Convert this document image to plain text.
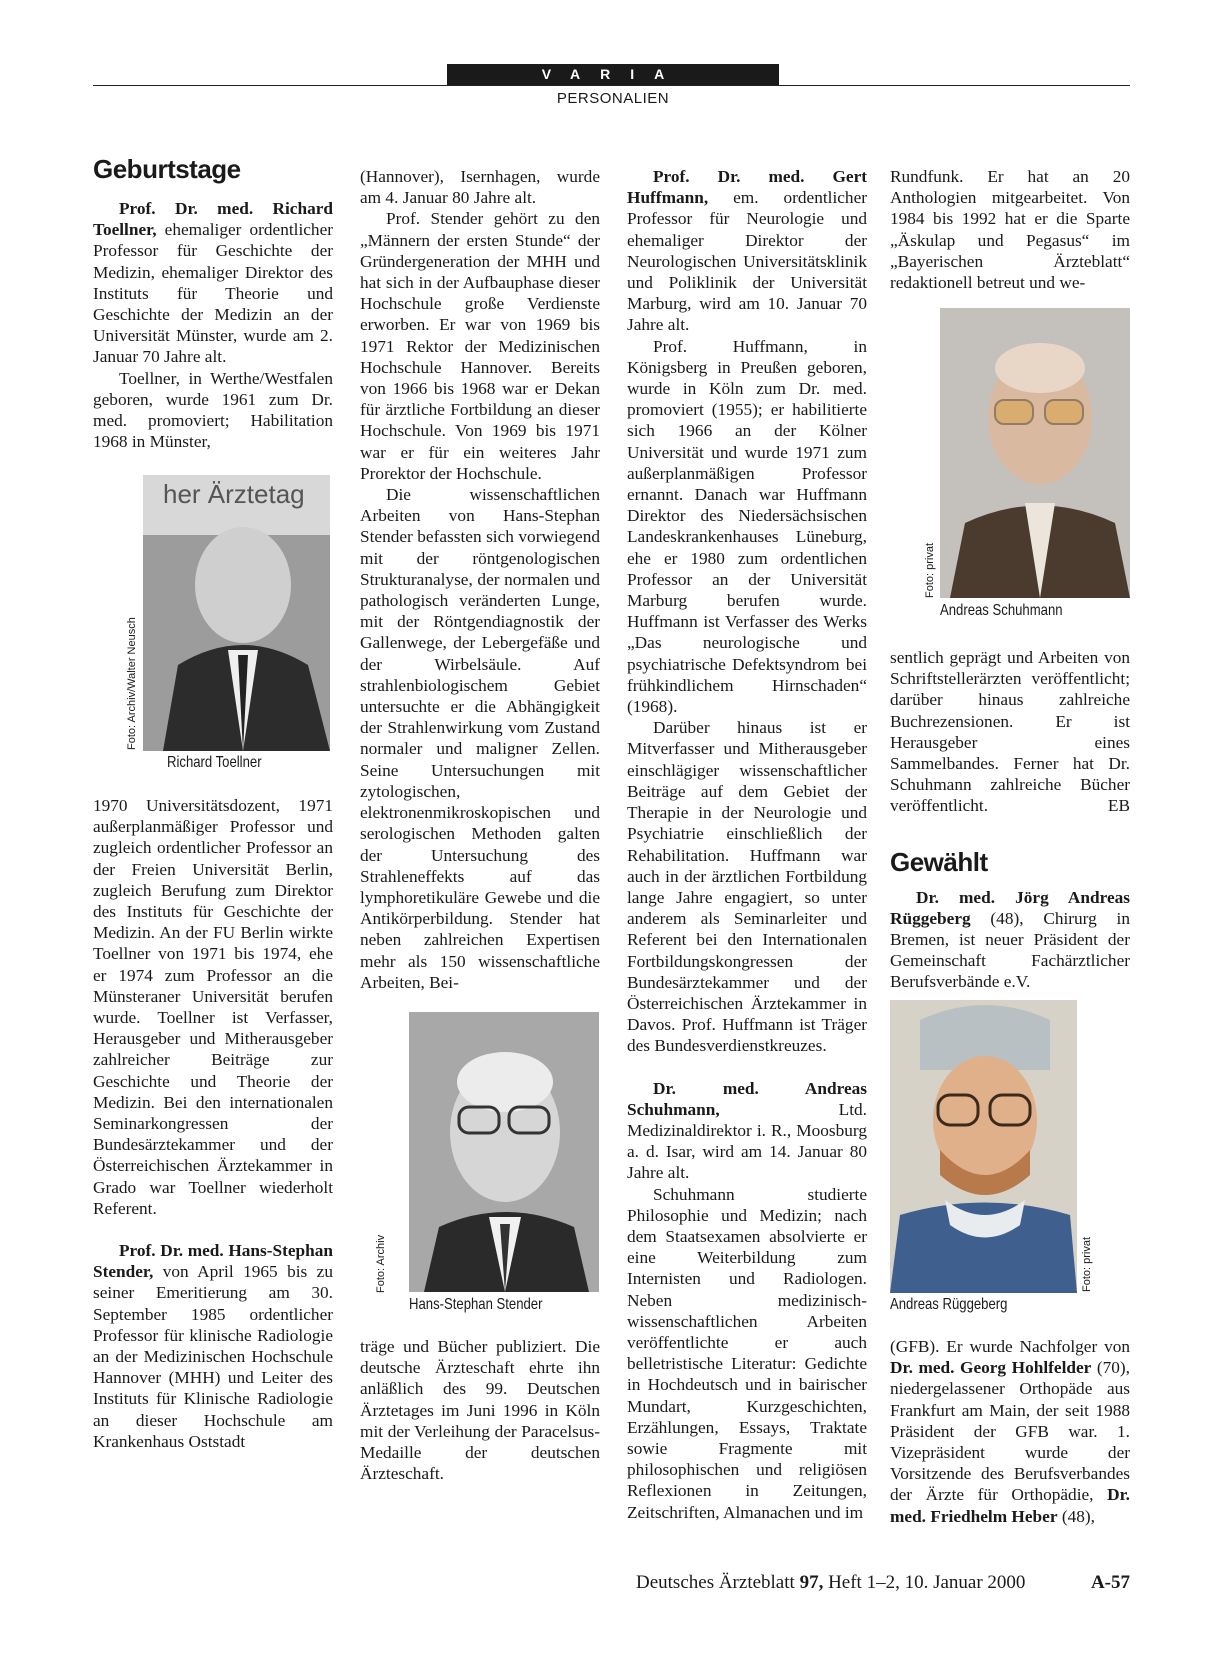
VARIA
PERSONALIEN
Geburtstage

Prof. Dr. med. Richard Toellner, ehemaliger ordentlicher Professor für Geschichte der Medizin, ehemaliger Direktor des Instituts für Theorie und Geschichte der Medizin an der Universität Münster, wurde am 2. Januar 70 Jahre alt.

Toellner, in Werthe/Westfalen geboren, wurde 1961 zum Dr. med. promoviert; Habilitation 1968 in Münster,

her Ärztetag
Foto: Archiv/Walter Neusch
Richard Toellner

1970 Universitätsdozent, 1971 außerplanmäßiger Professor und zugleich ordentlicher Professor an der Freien Universität Berlin, zugleich Berufung zum Direktor des Instituts für Geschichte der Medizin. An der FU Berlin wirkte Toellner von 1971 bis 1974, ehe er 1974 zum Professor an die Münsteraner Universität berufen wurde. Toellner ist Verfasser, Herausgeber und Mitherausgeber zahlreicher Beiträge zur Geschichte und Theorie der Medizin. Bei den internationalen Seminarkongressen der Bundesärztekammer und der Österreichischen Ärztekammer in Grado war Toellner wiederholt Referent.

Prof. Dr. med. Hans-Stephan Stender, von April 1965 bis zu seiner Emeritierung am 30. September 1985 ordentlicher Professor für klinische Radiologie an der Medizinischen Hochschule Hannover (MHH) und Leiter des Instituts für Klinische Radiologie an dieser Hochschule am Krankenhaus Oststadt

(Hannover), Isernhagen, wurde am 4. Januar 80 Jahre alt.

Prof. Stender gehört zu den „Männern der ersten Stunde“ der Gründergeneration der MHH und hat sich in der Aufbauphase dieser Hochschule große Verdienste erworben. Er war von 1969 bis 1971 Rektor der Medizinischen Hochschule Hannover. Bereits von 1966 bis 1968 war er Dekan für ärztliche Fortbildung an dieser Hochschule. Von 1969 bis 1971 war er für ein weiteres Jahr Prorektor der Hochschule.

Die wissenschaftlichen Arbeiten von Hans-Stephan Stender befassten sich vorwiegend mit der röntgenologischen Strukturanalyse, der normalen und pathologisch veränderten Lunge, mit der Röntgendiagnostik der Gallenwege, der Lebergefäße und der Wirbelsäule. Auf strahlenbiologischem Gebiet untersuchte er die Abhängigkeit der Strahlenwirkung vom Zustand normaler und maligner Zellen. Seine Untersuchungen mit zytologischen, elektronenmikroskopischen und serologischen Methoden galten der Untersuchung des Strahleneffekts auf das lymphoretikuläre Gewebe und die Antikörperbildung. Stender hat neben zahlreichen Expertisen mehr als 150 wissenschaftliche Arbeiten, Bei-

Foto: Archiv
Hans-Stephan Stender

träge und Bücher publiziert. Die deutsche Ärzteschaft ehrte ihn anläßlich des 99. Deutschen Ärztetages im Juni 1996 in Köln mit der Verleihung der Paracelsus-Medaille der deutschen Ärzteschaft.

Prof. Dr. med. Gert Huffmann, em. ordentlicher Professor für Neurologie und ehemaliger Direktor der Neurologischen Universitätsklinik und Poliklinik der Universität Marburg, wird am 10. Januar 70 Jahre alt.

Prof. Huffmann, in Königsberg in Preußen geboren, wurde in Köln zum Dr. med. promoviert (1955); er habilitierte sich 1966 an der Kölner Universität und wurde 1971 zum außerplanmäßigen Professor ernannt. Danach war Huffmann Direktor des Niedersächsischen Landeskrankenhauses Lüneburg, ehe er 1980 zum ordentlichen Professor an der Universität Marburg berufen wurde. Huffmann ist Verfasser des Werks „Das neurologische und psychiatrische Defektsyndrom bei frühkindlichem Hirnschaden“ (1968).

Darüber hinaus ist er Mitverfasser und Mitherausgeber einschlägiger wissenschaftlicher Beiträge auf dem Gebiet der Therapie in der Neurologie und Psychiatrie einschließlich der Rehabilitation. Huffmann war auch in der ärztlichen Fortbildung lange Jahre engagiert, so unter anderem als Seminarleiter und Referent bei den Internationalen Fortbildungskongressen der Bundesärztekammer und der Österreichischen Ärztekammer in Davos. Prof. Huffmann ist Träger des Bundesverdienstkreuzes.

Dr. med. Andreas Schuhmann, Ltd. Medizinaldirektor i. R., Moosburg a. d. Isar, wird am 14. Januar 80 Jahre alt.

Schuhmann studierte Philosophie und Medizin; nach dem Staatsexamen absolvierte er eine Weiterbildung zum Internisten und Radiologen. Neben medizinisch-wissenschaftlichen Arbeiten veröffentlichte er auch belletristische Literatur: Gedichte in Hochdeutsch und in bairischer Mundart, Kurzgeschichten, Erzählungen, Essays, Traktate sowie Fragmente mit philosophischen und religiösen Reflexionen in Zeitungen, Zeitschriften, Almanachen und im

Rundfunk. Er hat an 20 Anthologien mitgearbeitet. Von 1984 bis 1992 hat er die Sparte „Äskulap und Pegasus“ im „Bayerischen Ärzteblatt“ redaktionell betreut und we-

Foto: privat
Andreas Schuhmann

sentlich geprägt und Arbeiten von Schriftstellerärzten veröffentlicht; darüber hinaus zahlreiche Buchrezensionen. Er ist Herausgeber eines Sammelbandes. Ferner hat Dr. Schuhmann zahlreiche Bücher veröffentlicht.	EB

Gewählt

Dr. med. Jörg Andreas Rüggeberg (48), Chirurg in Bremen, ist neuer Präsident der Gemeinschaft Fachärztlicher Berufsverbände e.V.

Foto: privat
Andreas Rüggeberg

(GFB). Er wurde Nachfolger von Dr. med. Georg Hohlfelder (70), niedergelassener Orthopäde aus Frankfurt am Main, der seit 1988 Präsident der GFB war. 1. Vizepräsident wurde der Vorsitzende des Berufsverbandes der Ärzte für Orthopädie, Dr. med. Friedhelm Heber (48),

Deutsches Ärzteblatt 97, Heft 1–2, 10. Januar 2000	A-57
